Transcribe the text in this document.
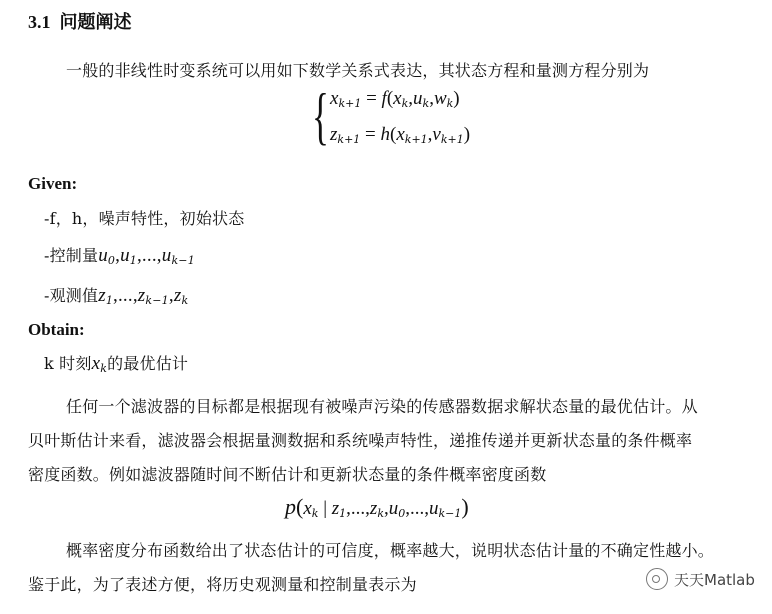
3.1 问题阐述
一般的非线性时变系统可以用如下数学关系式表达，其状态方程和量测方程分别为
{ $x_{k+1} = f(x_k,u_k,w_k)$
$z_{k+1} = h(x_{k+1},v_{k+1})$
Given:
-f，h，噪声特性，初始状态
-控制量$u_0,u_1,...,u_{k-1}$
-观测值$z_1,...,z_{k-1},z_k$
Obtain:
k 时刻$x_k$的最优估计
任何一个滤波器的目标都是根据现有被噪声污染的传感器数据求解状态量的最优估计。从
贝叶斯估计来看，滤波器会根据量测数据和系统噪声特性，递推传递并更新状态量的条件概率
密度函数。例如滤波器随时间不断估计和更新状态量的条件概率密度函数
$p(x_k$ | $z_1,...,z_k,u_0,...,u_{k-1}$)
概率密度分布函数给出了状态估计的可信度，概率越大，说明状态估计量的不确定性越小。
鉴于此，为了表述方便，将历史观测量和控制量表示为	天天Matlab
